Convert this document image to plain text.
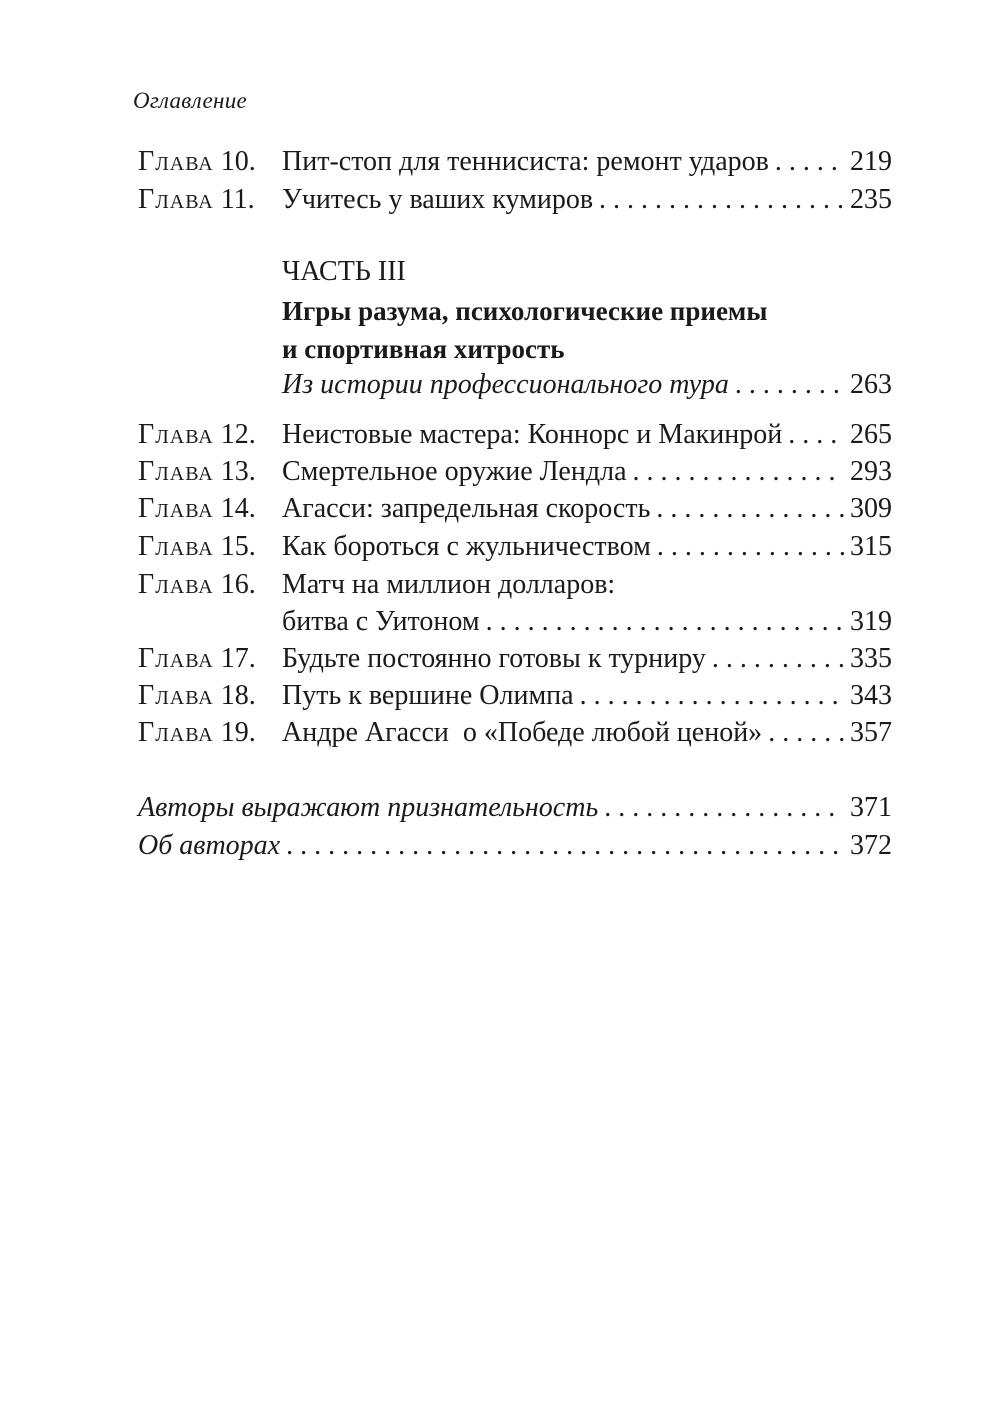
Оглавление
Глава 10. Пит-стоп для теннисиста: ремонт ударов . . .	219
Глава 11. Учитесь у ваших кумиров . . .	235
ЧАСТЬ III
Игры разума, психологические приемы
и спортивная хитрость
Из истории профессионального тура . . .	263
Глава 12. Неистовые мастера: Коннорс и Макинрой . . . 265
Глава 13. Смертельное оружие Лендла . . .	293
Глава 14. Агасси: запредельная скорость . . .	309
Глава 15. Как бороться с жульничеством . . .	315
Глава 16. Матч на миллион долларов:
битва с Уитоном . . .	319
Глава 17. Будьте постоянно готовы к турниру . . .	335
Глава 18. Путь к вершине Олимпа . . .	343
Глава 19. Андре Агасси  о «Победе любой ценой» . . .	357
Авторы выражают признательность . . .	371
Об авторах . . .	372
